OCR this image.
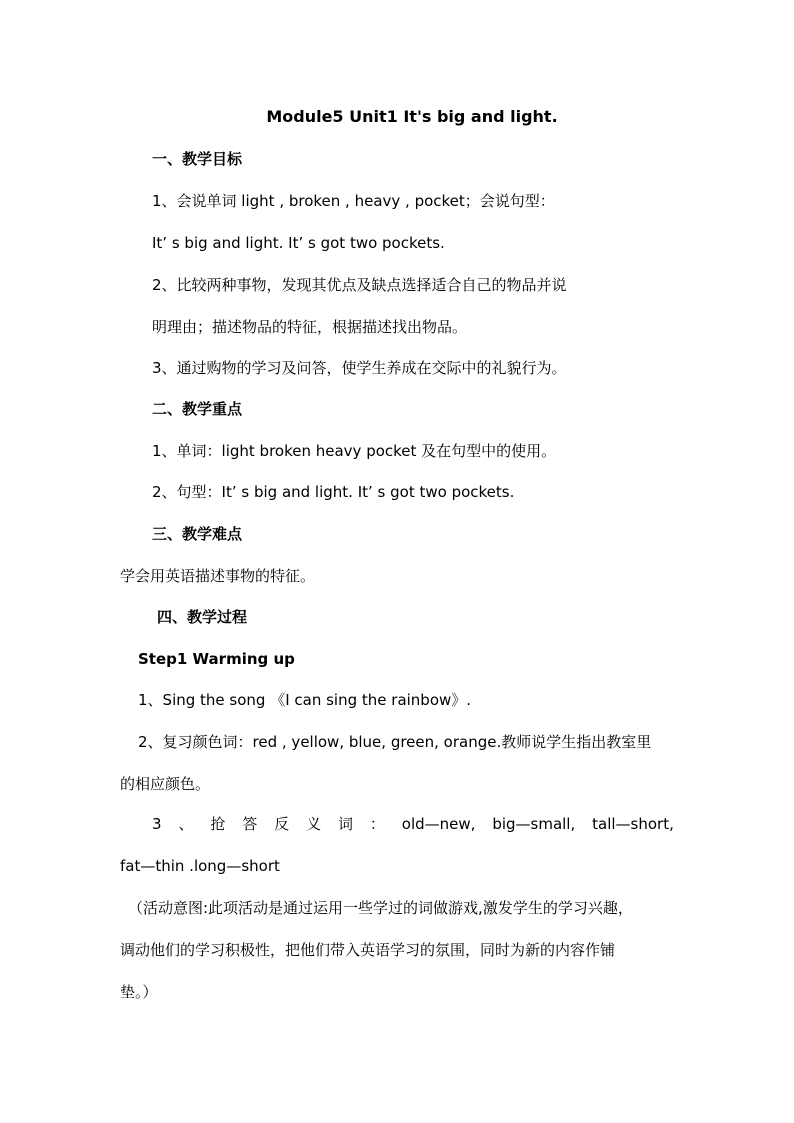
Module5 Unit1 It's big and light.
一、教学目标
1、会说单词 light , broken , heavy , pocket；会说句型：
It’ s big and light. It’ s got two pockets.
2、比较两种事物，发现其优点及缺点选择适合自己的物品并说
明理由；描述物品的特征，根据描述找出物品。
3、通过购物的学习及问答，使学生养成在交际中的礼貌行为。
二、教学重点
1、单词：light broken heavy pocket 及在句型中的使用。
2、句型：It’ s big and light. It’ s got two pockets.
三、教学难点
学会用英语描述事物的特征。
四、教学过程
Step1 Warming up
1、Sing the song 《I can sing the rainbow》.
2、复习颜色词：red , yellow, blue, green, orange.教师说学生指出教室里
的相应颜色。
3 、 抢 答 反 义 词 ： old—new, big—small, tall—short,
fat—thin .long—short
（活动意图:此项活动是通过运用一些学过的词做游戏,激发学生的学习兴趣，
调动他们的学习积极性，把他们带入英语学习的氛围，同时为新的内容作铺
垫。）
